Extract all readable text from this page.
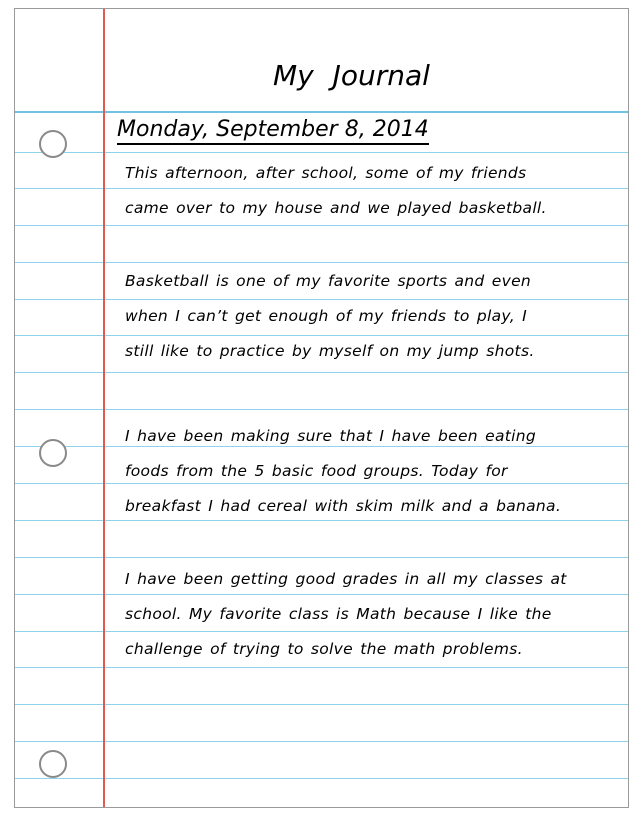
My Journal
Monday, September 8, 2014
This afternoon, after school, some of my friends
came over to my house and we played basketball.
Basketball is one of my favorite sports and even
when I can’t get enough of my friends to play, I
still like to practice by myself on my jump shots.
I have been making sure that I have been eating
foods from the 5 basic food groups. Today for
breakfast I had cereal with skim milk and a banana.
I have been getting good grades in all my classes at
school. My favorite class is Math because I like the
challenge of trying to solve the math problems.
